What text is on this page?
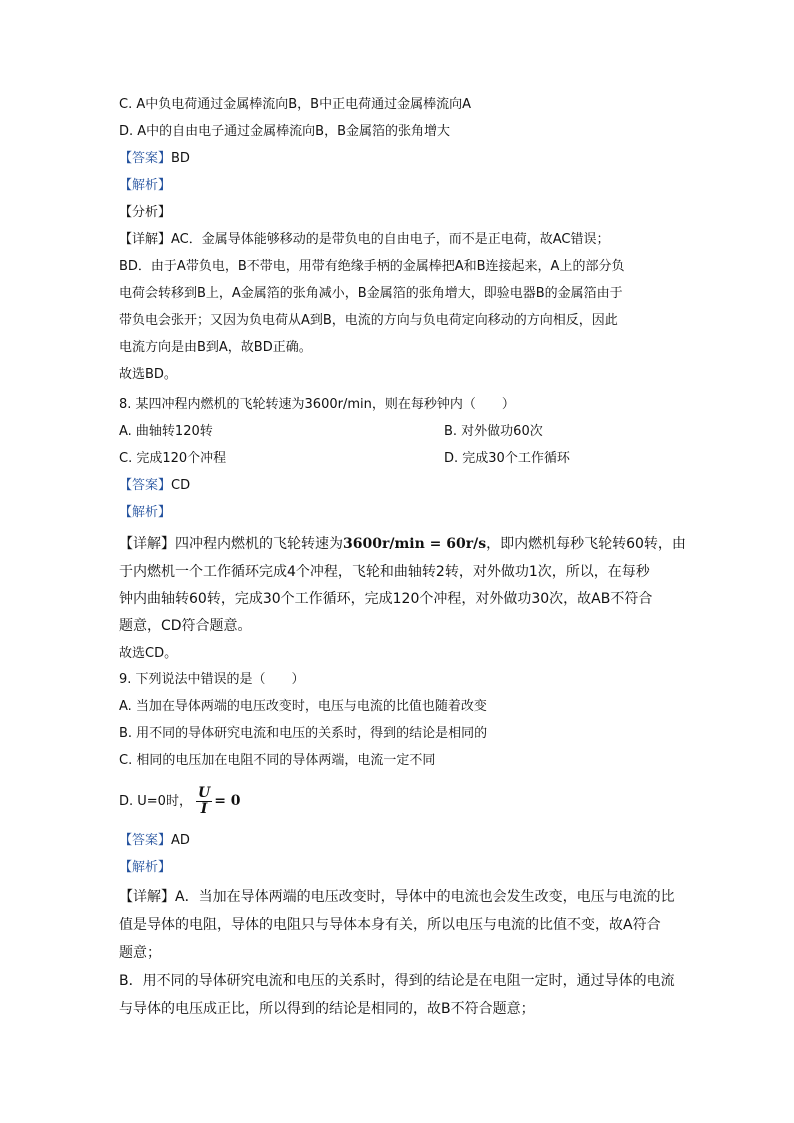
C. A中负电荷通过金属棒流向B，B中正电荷通过金属棒流向A
D. A中的自由电子通过金属棒流向B，B金属箔的张角增大
【答案】BD
【解析】
【分析】
【详解】AC．金属导体能够移动的是带负电的自由电子，而不是正电荷，故AC错误；
BD．由于A带负电，B不带电，用带有绝缘手柄的金属棒把A和B连接起来，A上的部分负
电荷会转移到B上，A金属箔的张角减小，B金属箔的张角增大，即验电器B的金属箔由于
带负电会张开；又因为负电荷从A到B，电流的方向与负电荷定向移动的方向相反，因此
电流方向是由B到A，故BD正确。
故选BD。
8. 某四冲程内燃机的飞轮转速为3600r/min，则在每秒钟内（　　）
A. 曲轴转120转	B. 对外做功60次
C. 完成120个冲程	D. 完成30个工作循环
【答案】CD
【解析】
【详解】四冲程内燃机的飞轮转速为3600r/min = 60r/s，即内燃机每秒飞轮转60转，由
于内燃机一个工作循环完成4个冲程，飞轮和曲轴转2转，对外做功1次，所以，在每秒
钟内曲轴转60转，完成30个工作循环，完成120个冲程，对外做功30次，故AB不符合
题意，CD符合题意。
故选CD。
9. 下列说法中错误的是（　　）
A. 当加在导体两端的电压改变时，电压与电流的比值也随着改变
B. 用不同的导体研究电流和电压的关系时，得到的结论是相同的
C. 相同的电压加在电阻不同的导体两端，电流一定不同
D. U=0时， $\frac{U}{I} = 0$
【答案】AD
【解析】
【详解】A．当加在导体两端的电压改变时，导体中的电流也会发生改变，电压与电流的比
值是导体的电阻，导体的电阻只与导体本身有关，所以电压与电流的比值不变，故A符合
题意；
B．用不同的导体研究电流和电压的关系时，得到的结论是在电阻一定时，通过导体的电流
与导体的电压成正比，所以得到的结论是相同的，故B不符合题意；
